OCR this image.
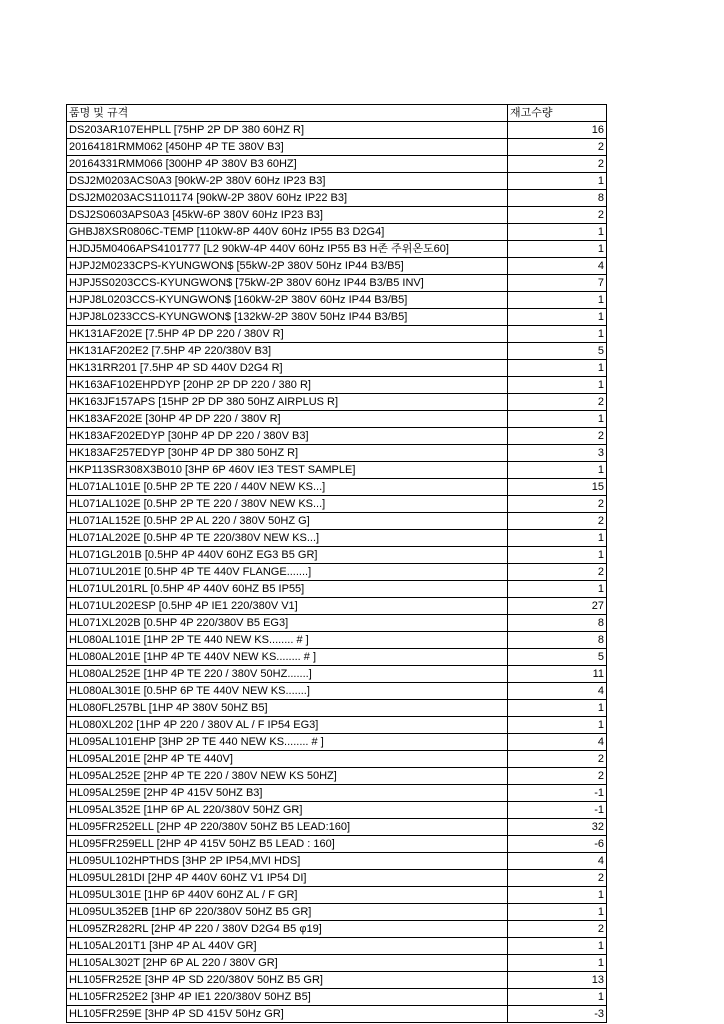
품명 및 규격	재고수량
DS203AR107EHPLL [75HP 2P DP 380 60HZ R]	16
20164181RMM062 [450HP 4P TE 380V B3]	2
20164331RMM066 [300HP 4P 380V B3 60HZ]	2
DSJ2M0203ACS0A3 [90kW-2P 380V 60Hz IP23 B3]	1
DSJ2M0203ACS1101174 [90kW-2P 380V 60Hz IP22 B3]	8
DSJ2S0603APS0A3 [45kW-6P 380V 60Hz IP23 B3]	2
GHBJ8XSR0806C-TEMP [110kW-8P 440V 60Hz IP55 B3 D2G4]	1
HJDJ5M0406APS4101777 [L2 90kW-4P 440V 60Hz IP55 B3 H존 주위온도60]	1
HJPJ2M0233CPS-KYUNGWON$ [55kW-2P 380V 50Hz IP44 B3/B5]	4
HJPJ5S0203CCS-KYUNGWON$ [75kW-2P 380V 60Hz IP44 B3/B5 INV]	7
HJPJ8L0203CCS-KYUNGWON$ [160kW-2P 380V 60Hz IP44 B3/B5]	1
HJPJ8L0233CCS-KYUNGWON$ [132kW-2P 380V 50Hz IP44 B3/B5]	1
HK131AF202E [7.5HP 4P DP 220 / 380V R]	1
HK131AF202E2 [7.5HP 4P 220/380V B3]	5
HK131RR201 [7.5HP 4P SD 440V D2G4 R]	1
HK163AF102EHPDYP [20HP 2P DP 220 / 380 R]	1
HK163JF157APS [15HP 2P DP 380 50HZ AIRPLUS R]	2
HK183AF202E [30HP 4P DP 220 / 380V R]	1
HK183AF202EDYP [30HP 4P DP 220 / 380V B3]	2
HK183AF257EDYP [30HP 4P DP 380 50HZ R]	3
HKP113SR308X3B010 [3HP 6P 460V IE3 TEST SAMPLE]	1
HL071AL101E [0.5HP 2P TE 220 / 440V NEW KS...]	15
HL071AL102E [0.5HP 2P TE 220 / 380V NEW KS...]	2
HL071AL152E [0.5HP 2P AL 220 / 380V 50HZ G]	2
HL071AL202E [0.5HP 4P TE 220/380V NEW KS...]	1
HL071GL201B [0.5HP 4P 440V 60HZ EG3 B5 GR]	1
HL071UL201E [0.5HP 4P TE 440V FLANGE.......]	2
HL071UL201RL [0.5HP 4P 440V 60HZ B5 IP55]	1
HL071UL202ESP [0.5HP 4P IE1 220/380V V1]	27
HL071XL202B [0.5HP 4P 220/380V B5 EG3]	8
HL080AL101E [1HP 2P TE 440 NEW KS........ # ]	8
HL080AL201E [1HP 4P TE 440V NEW KS........ # ]	5
HL080AL252E [1HP 4P TE 220 / 380V 50HZ.......]	11
HL080AL301E [0.5HP 6P TE 440V NEW KS.......]	4
HL080FL257BL [1HP 4P 380V 50HZ B5]	1
HL080XL202 [1HP 4P 220 / 380V AL / F IP54 EG3]	1
HL095AL101EHP [3HP 2P TE 440 NEW KS........ # ]	4
HL095AL201E [2HP 4P TE 440V]	2
HL095AL252E [2HP 4P TE 220 / 380V NEW KS 50HZ]	2
HL095AL259E [2HP 4P 415V 50HZ B3]	-1
HL095AL352E [1HP 6P AL 220/380V 50HZ GR]	-1
HL095FR252ELL [2HP 4P 220/380V 50HZ B5 LEAD:160]	32
HL095FR259ELL [2HP 4P 415V 50HZ B5 LEAD : 160]	-6
HL095UL102HPTHDS [3HP 2P IP54,MVI HDS]	4
HL095UL281DI [2HP 4P 440V 60HZ V1 IP54 DI]	2
HL095UL301E [1HP 6P 440V 60HZ AL / F GR]	1
HL095UL352EB [1HP 6P 220/380V 50HZ B5 GR]	1
HL095ZR282RL [2HP 4P 220 / 380V D2G4 B5 φ19]	2
HL105AL201T1 [3HP 4P AL 440V GR]	1
HL105AL302T [2HP 6P AL 220 / 380V GR]	1
HL105FR252E [3HP 4P SD 220/380V 50HZ B5 GR]	13
HL105FR252E2 [3HP 4P IE1 220/380V 50HZ B5]	1
HL105FR259E [3HP 4P SD 415V 50Hz GR]	-3
